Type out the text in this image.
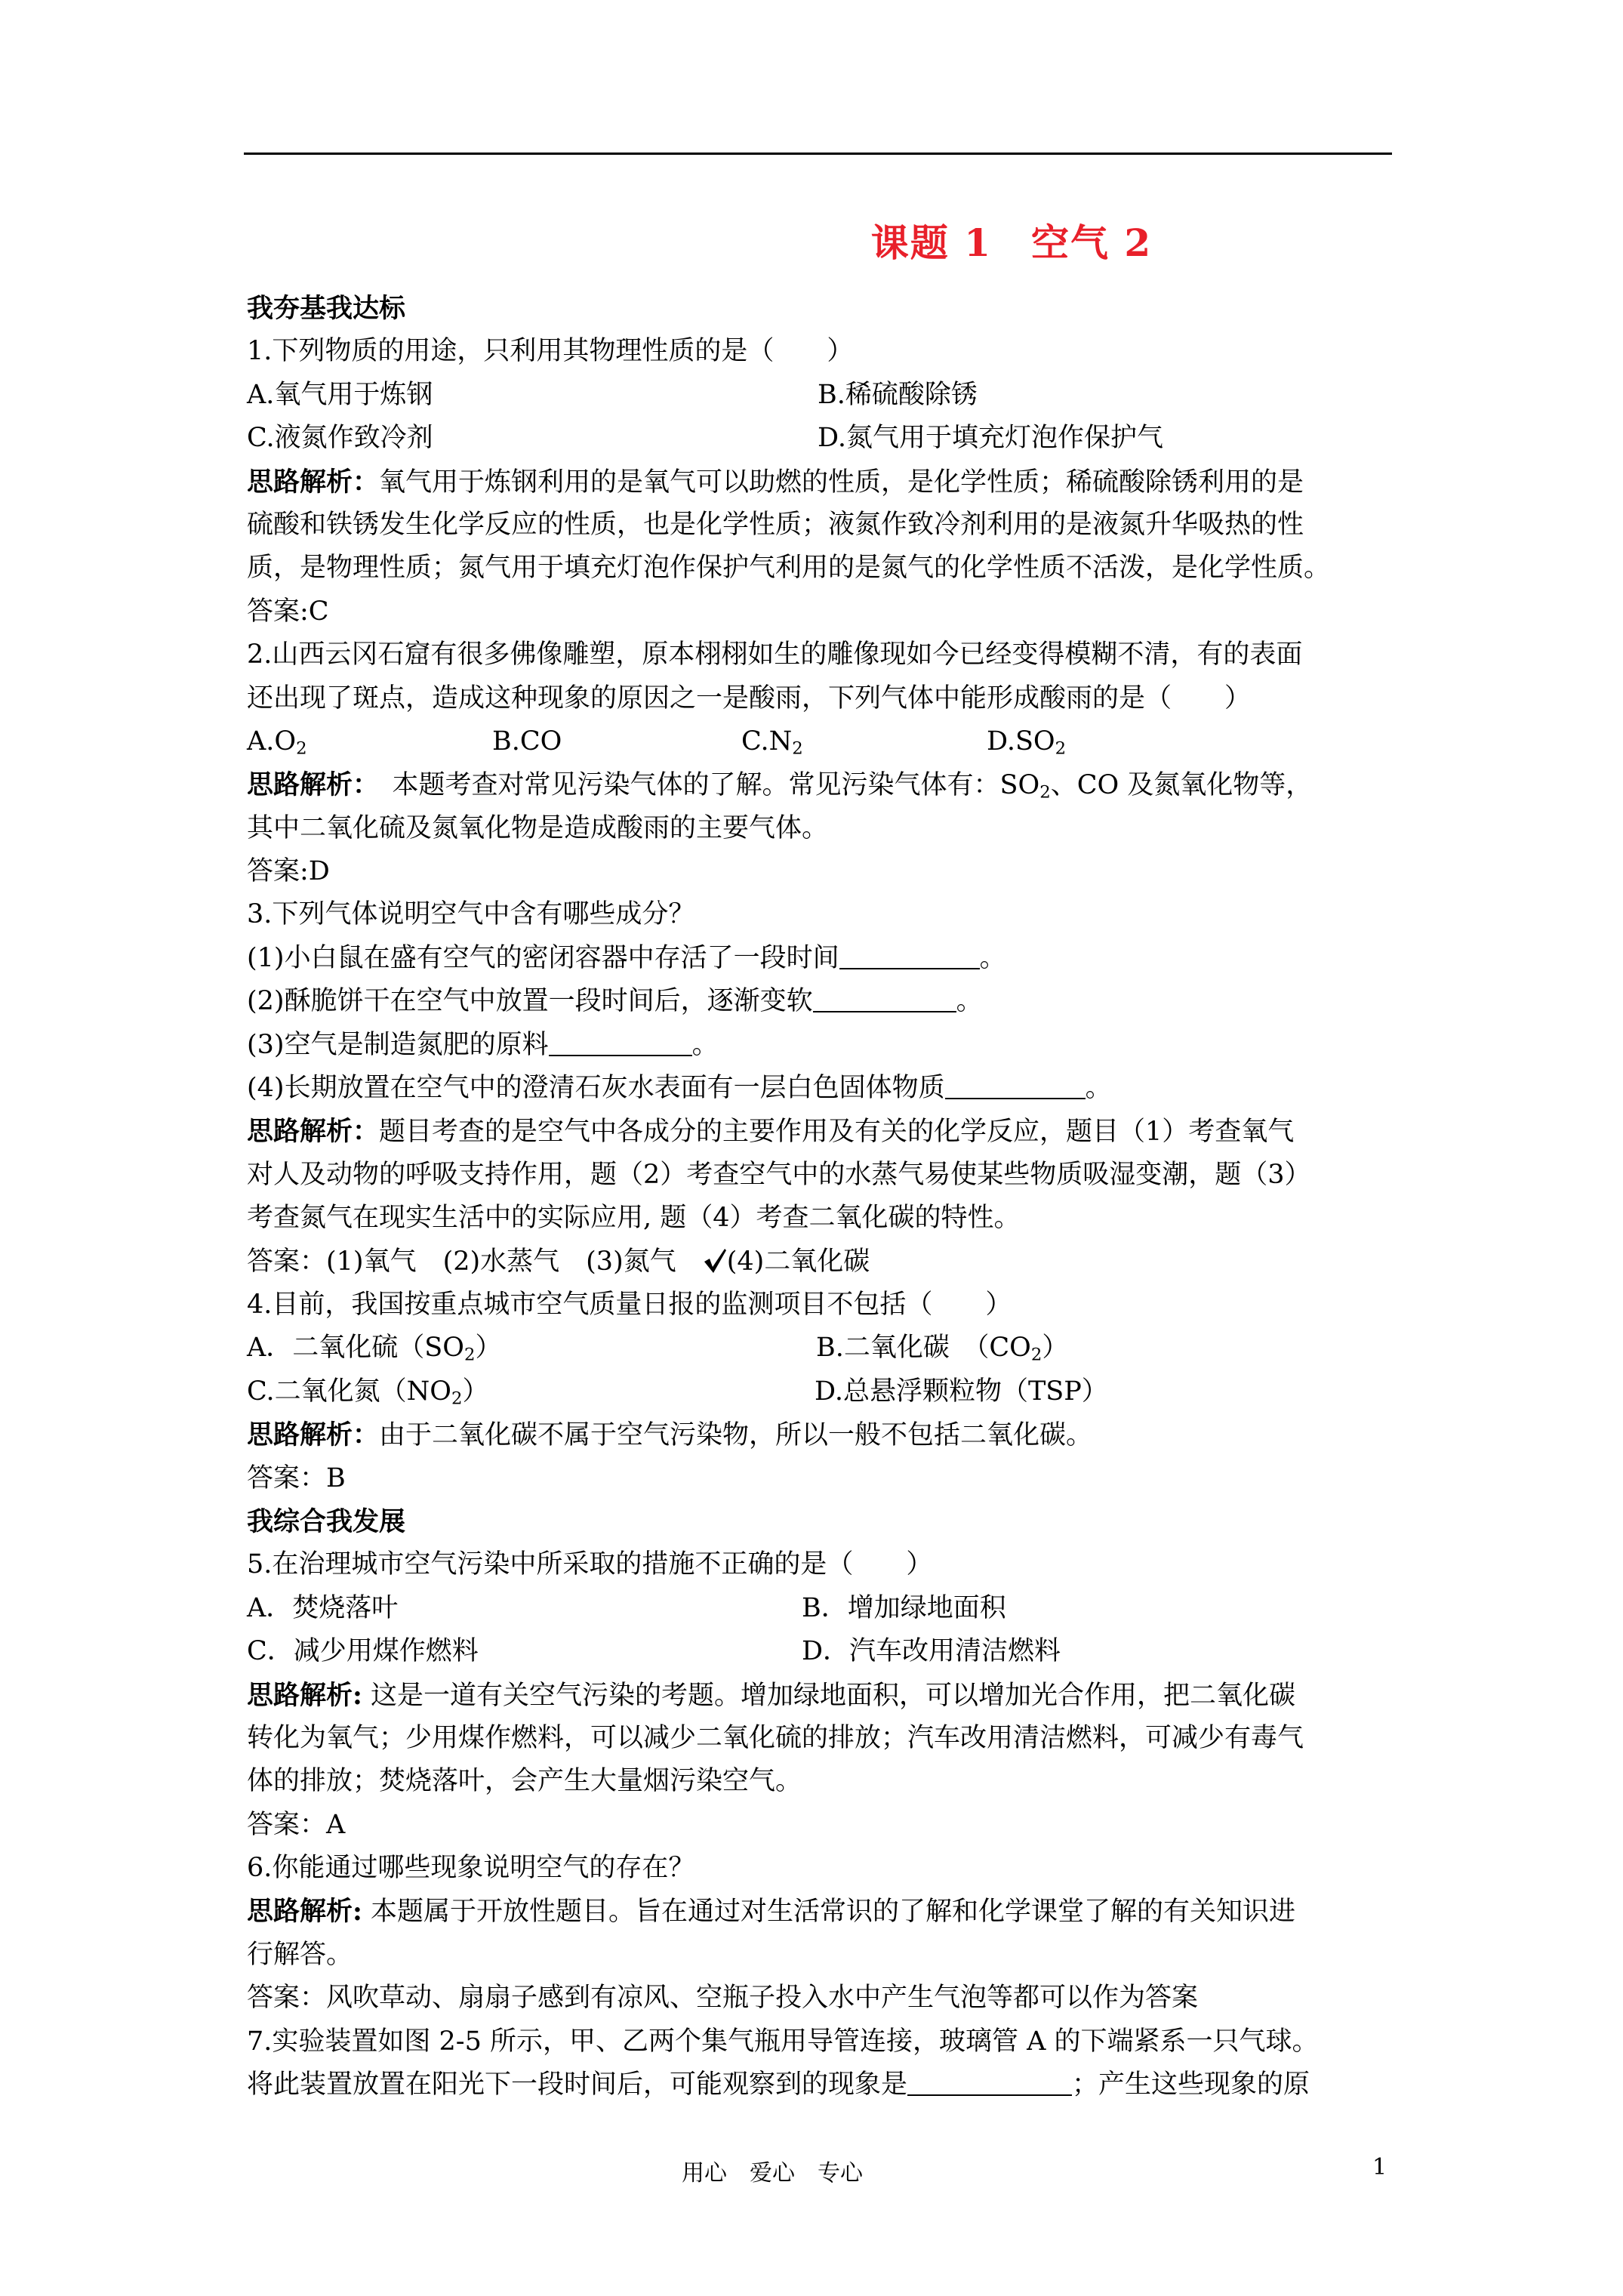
课题 1　空气 2
我夯基我达标
1.下列物质的用途，只利用其物理性质的是（　　）
A.氧气用于炼钢	B.稀硫酸除锈
C.液氮作致冷剂	D.氮气用于填充灯泡作保护气
思路解析：氧气用于炼钢利用的是氧气可以助燃的性质，是化学性质；稀硫酸除锈利用的是
硫酸和铁锈发生化学反应的性质，也是化学性质；液氮作致冷剂利用的是液氮升华吸热的性
质，是物理性质；氮气用于填充灯泡作保护气利用的是氮气的化学性质不活泼，是化学性质。
答案:C
2.山西云冈石窟有很多佛像雕塑，原本栩栩如生的雕像现如今已经变得模糊不清，有的表面
还出现了斑点，造成这种现象的原因之一是酸雨，下列气体中能形成酸雨的是（　　）
$A.O_2$	B.CO	$C.N_2$	$D.SO_2$
思路解析：　本题考查对常见污染气体的了解。常见污染气体有：$SO_2$、CO 及氮氧化物等，
其中二氧化硫及氮氧化物是造成酸雨的主要气体。
答案:D
3.下列气体说明空气中含有哪些成分？
(1)小白鼠在盛有空气的密闭容器中存活了一段时间	。
(2)酥脆饼干在空气中放置一段时间后，逐渐变软	。
(3)空气是制造氮肥的原料	。
(4)长期放置在空气中的澄清石灰水表面有一层白色固体物质	。
思路解析：题目考查的是空气中各成分的主要作用及有关的化学反应，题目（1）考查氧气
对人及动物的呼吸支持作用，题（2）考查空气中的水蒸气易使某些物质吸湿变潮，题（3）
考查氮气在现实生活中的实际应用, 题（4）考查二氧化碳的特性。
答案：(1)氧气　(2)水蒸气　(3)氮气　(4)二氧化碳
4.目前，我国按重点城市空气质量日报的监测项目不包括（　　）
A．二氧化硫$(SO_2)$	B.二氧化碳　$(CO_2)$
C.二氧化氮$(NO_2)$	D.总悬浮颗粒物（TSP）
思路解析：由于二氧化碳不属于空气污染物，所以一般不包括二氧化碳。
答案：B
我综合我发展
5.在治理城市空气污染中所采取的措施不正确的是（　　）
A．焚烧落叶	B．增加绿地面积
C．减少用煤作燃料	D．汽车改用清洁燃料
思路解析: 这是一道有关空气污染的考题。增加绿地面积，可以增加光合作用，把二氧化碳
转化为氧气；少用煤作燃料，可以减少二氧化硫的排放；汽车改用清洁燃料，可减少有毒气
体的排放；焚烧落叶，会产生大量烟污染空气。
答案：A
6.你能通过哪些现象说明空气的存在？
思路解析: 本题属于开放性题目。旨在通过对生活常识的了解和化学课堂了解的有关知识进
行解答。
答案：风吹草动、扇扇子感到有凉风、空瓶子投入水中产生气泡等都可以作为答案
7.实验装置如图 2-5 所示，甲、乙两个集气瓶用导管连接，玻璃管 A 的下端紧系一只气球。
将此装置放置在阳光下一段时间后，可能观察到的现象是	；产生这些现象的原
用心　爱心　专心	1
